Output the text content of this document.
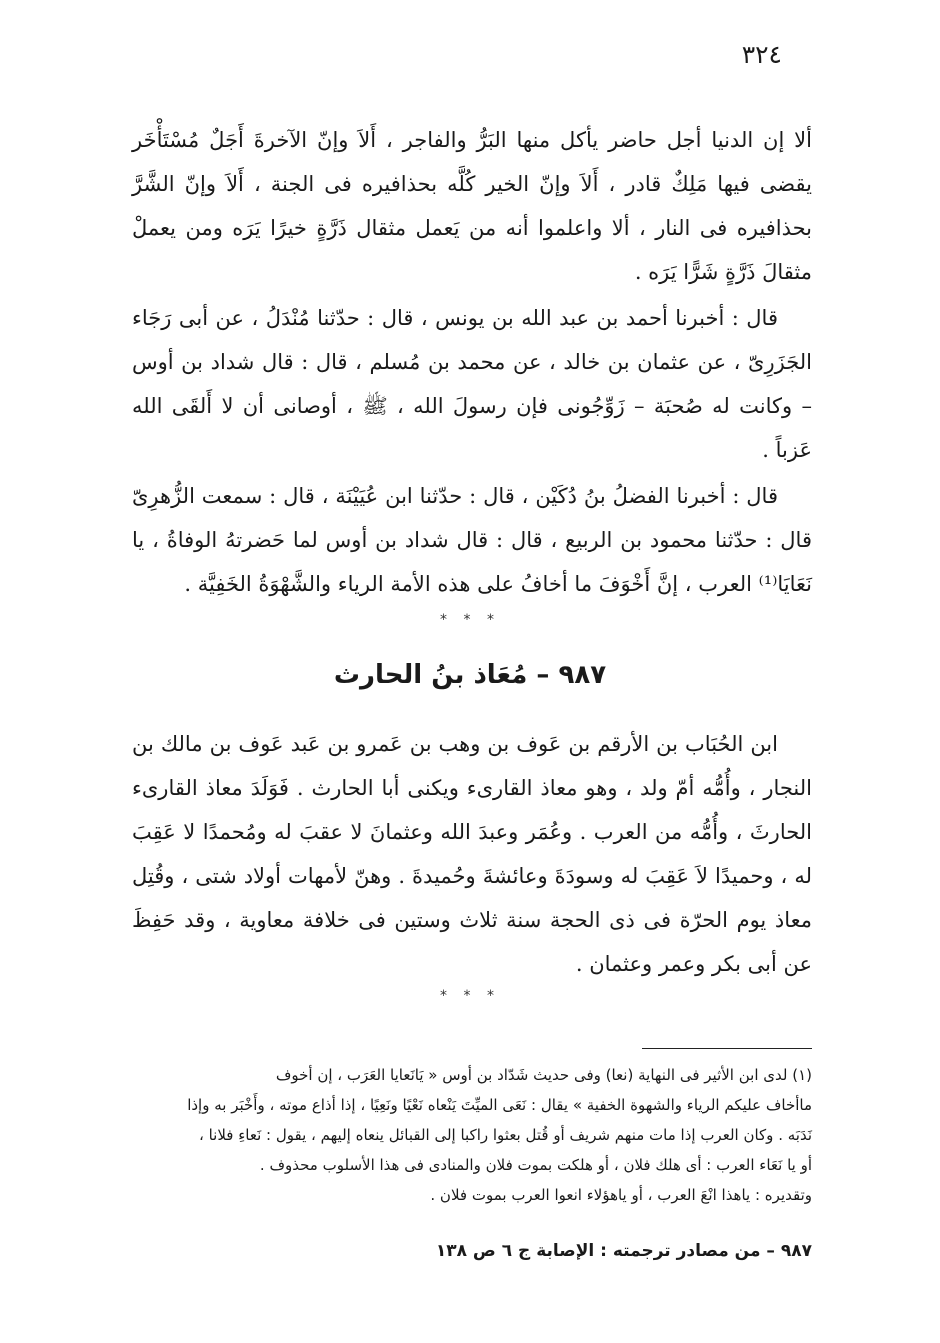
٣٢٤

ألا إن الدنيا أجل حاضر يأكل منها البَرُّ والفاجر ، أَلاَ وإنّ الآخرةَ أَجَلٌ مُسْتَأْخَر يقضى فيها مَلِكٌ قادر ، أَلاَ وإنّ الخير كُلَّه بحذافيره فى الجنة ، أَلاَ وإنّ الشَّرَّ بحذافيره فى النار ، ألا واعلموا أنه من يَعمل مثقال ذَرَّةٍ خيرًا يَرَه ومن يعملْ مثقالَ ذَرَّةٍ شَرًّا يَرَه .

قال : أخبرنا أحمد بن عبد الله بن يونس ، قال : حدّثنا مُنْدَلُ ، عن أبى رَجَاء الجَزَرِىّ ، عن عثمان بن خالد ، عن محمد بن مُسلم ، قال : قال شداد بن أوس – وكانت له صُحبَة – زَوِّجُونى فإن رسولَ الله ، ﷺ ، أوصانى أن لا أَلقَى الله عَزباً .

قال : أخبرنا الفضلُ بنُ دُكَيْن ، قال : حدّثنا ابن عُيَيْنَة ، قال : سمعت الزُّهرِىّ قال : حدّثنا محمود بن الربيع ، قال : قال شداد بن أوس لما حَضرتهُ الوفاةُ ، يا نَعَايَا⁽¹⁾ العرب ، إنَّ أَخْوَفَ ما أخافُ على هذه الأمة الرياء والشَّهْوَةُ الخَفِيَّة .

* * *
٩٨٧ – مُعَاذ بنُ الحارث

ابن الحُبَاب بن الأرقم بن عَوف بن وهب بن عَمرو بن عَبد عَوف بن مالك بن النجار ، وأُمُّه أمّ ولد ، وهو معاذ القارىء ويكنى أبا الحارث . فَوَلَدَ معاذ القارىء الحارثَ ، وأُمُّه من العرب . وعُمَر وعبدَ الله وعثمانَ لا عقبَ له ومُحمدًا لا عَقِبَ له ، وحميدًا لاَ عَقِبَ له وسودَةَ وعائشةَ وحُميدةَ . وهنّ لأمهات أولاد شتى ، وقُتِل معاذ يوم الحرّة فى ذى الحجة سنة ثلاث وستين فى خلافة معاوية ، وقد حَفِظَ عن أبى بكر وعمر وعثمان .

* * *

(١) لدى ابن الأثير فى النهاية (نعا) وفى حديث شَدّاد بن أوس « يَانَعايا العَرَب ، إن أخوف

ماأخاف عليكم الرياء والشهوة الخفية » يقال : نَعَى الميِّتَ يَنْعاه نَعْيًا ونَعِيًا ، إذا أذاع موته ، وأَخْبَر به وإذا

نَدَبَه . وكان العرب إذا مات منهم شريف أو قُتل بعثوا راكبا إلى القبائل ينعاه إليهم ، يقول : نَعاءِ فلانا ،

أو يا نَعَاء العرب : أى هلك فلان ، أو هلكت بموت فلان والمنادى فى هذا الأسلوب محذوف .

وتقديره : ياهذا انْعَ العرب ، أو ياهؤلاء انعوا العرب بموت فلان .

٩٨٧ – من مصادر ترجمته : الإصابة ج ٦ ص ١٣٨
